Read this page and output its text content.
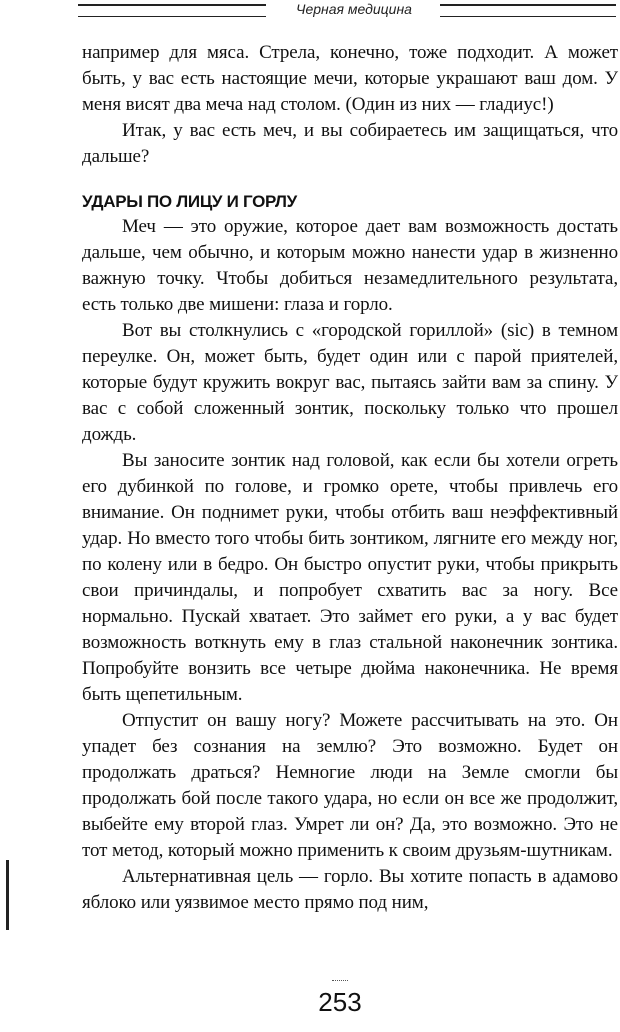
Черная медицина

например для мяса. Стрела, конечно, тоже подходит. А может быть, у вас есть настоящие мечи, которые украшают ваш дом. У меня висят два меча над столом. (Один из них — гладиус!)

Итак, у вас есть меч, и вы собираетесь им защищаться, что дальше?

УДАРЫ ПО ЛИЦУ И ГОРЛУ

Меч — это оружие, которое дает вам возможность достать дальше, чем обычно, и которым можно нанести удар в жизненно важную точку. Чтобы добиться незамедлительного результата, есть только две мишени: глаза и горло.

Вот вы столкнулись с «городской гориллой» (sic) в темном переулке. Он, может быть, будет один или с парой приятелей, которые будут кружить вокруг вас, пытаясь зайти вам за спину. У вас с собой сложенный зонтик, поскольку только что прошел дождь.

Вы заносите зонтик над головой, как если бы хотели огреть его дубинкой по голове, и громко орете, чтобы привлечь его внимание. Он поднимет руки, чтобы отбить ваш неэффективный удар. Но вместо того чтобы бить зонтиком, лягните его между ног, по колену или в бедро. Он быстро опустит руки, чтобы прикрыть свои причиндалы, и попробует схватить вас за ногу. Все нормально. Пускай хватает. Это займет его руки, а у вас будет возможность воткнуть ему в глаз стальной наконечник зонтика. Попробуйте вонзить все четыре дюйма наконечника. Не время быть щепетильным.

Отпустит он вашу ногу? Можете рассчитывать на это. Он упадет без сознания на землю? Это возможно. Будет он продолжать драться? Немногие люди на Земле смогли бы продолжать бой после такого удара, но если он все же продолжит, выбейте ему второй глаз. Умрет ли он? Да, это возможно. Это не тот метод, который можно применить к своим друзьям-шутникам.

Альтернативная цель — горло. Вы хотите попасть в адамово яблоко или уязвимое место прямо под ним,

253
